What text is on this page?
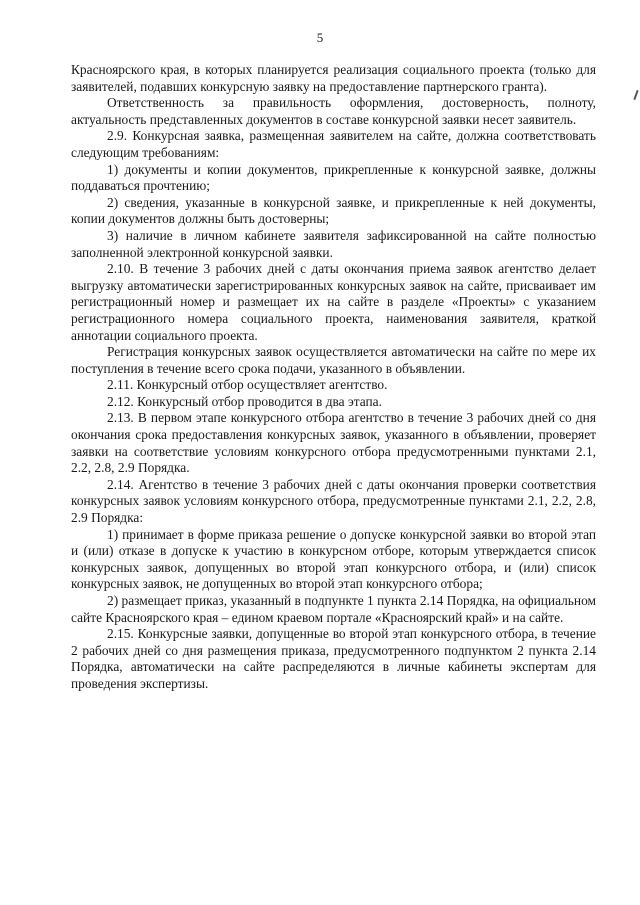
5

Красноярского края, в которых планируется реализация социального проекта (только для заявителей, подавших конкурсную заявку на предоставление партнерского гранта).

Ответственность за правильность оформления, достоверность, полноту, актуальность представленных документов в составе конкурсной заявки несет заявитель.

2.9. Конкурсная заявка, размещенная заявителем на сайте, должна соответствовать следующим требованиям:

1) документы и копии документов, прикрепленные к конкурсной заявке, должны поддаваться прочтению;

2) сведения, указанные в конкурсной заявке, и прикрепленные к ней документы, копии документов должны быть достоверны;

3) наличие в личном кабинете заявителя зафиксированной на сайте полностью заполненной электронной конкурсной заявки.

2.10. В течение 3 рабочих дней с даты окончания приема заявок агентство делает выгрузку автоматически зарегистрированных конкурсных заявок на сайте, присваивает им регистрационный номер и размещает их на сайте в разделе «Проекты» с указанием регистрационного номера социального проекта, наименования заявителя, краткой аннотации социального проекта.

Регистрация конкурсных заявок осуществляется автоматически на сайте по мере их поступления в течение всего срока подачи, указанного в объявлении.

2.11. Конкурсный отбор осуществляет агентство.

2.12. Конкурсный отбор проводится в два этапа.

2.13. В первом этапе конкурсного отбора агентство в течение 3 рабочих дней со дня окончания срока предоставления конкурсных заявок, указанного в объявлении, проверяет заявки на соответствие условиям конкурсного отбора предусмотренными пунктами 2.1, 2.2, 2.8, 2.9 Порядка.

2.14. Агентство в течение 3 рабочих дней с даты окончания проверки соответствия конкурсных заявок условиям конкурсного отбора, предусмотренные пунктами 2.1, 2.2, 2.8, 2.9 Порядка:

1) принимает в форме приказа решение о допуске конкурсной заявки во второй этап и (или) отказе в допуске к участию в конкурсном отборе, которым утверждается список конкурсных заявок, допущенных во второй этап конкурсного отбора, и (или) список конкурсных заявок, не допущенных во второй этап конкурсного отбора;

2) размещает приказ, указанный в подпункте 1 пункта 2.14 Порядка, на официальном сайте Красноярского края – едином краевом портале «Красноярский край» и на сайте.

2.15. Конкурсные заявки, допущенные во второй этап конкурсного отбора, в течение 2 рабочих дней со дня размещения приказа, предусмотренного подпунктом 2 пункта 2.14 Порядка, автоматически на сайте распределяются в личные кабинеты экспертам для проведения экспертизы.
